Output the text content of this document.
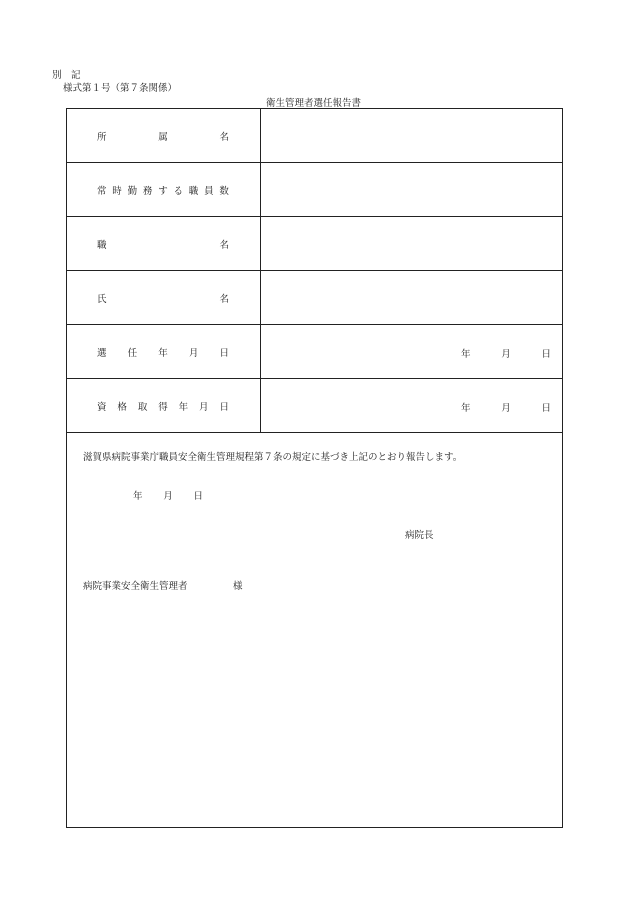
別　記
様式第１号（第７条関係）
衛生管理者選任報告書
所	属	名
常 時 勤 務 す る 職 員 数
職	名
氏	名
選 任 年 月 日	年	月	日
資 格 取 得 年 月 日	年	月	日
滋賀県病院事業庁職員安全衛生管理規程第７条の規定に基づき上記のとおり報告します。
年 月 日
病院長
病院事業安全衛生管理者	様
